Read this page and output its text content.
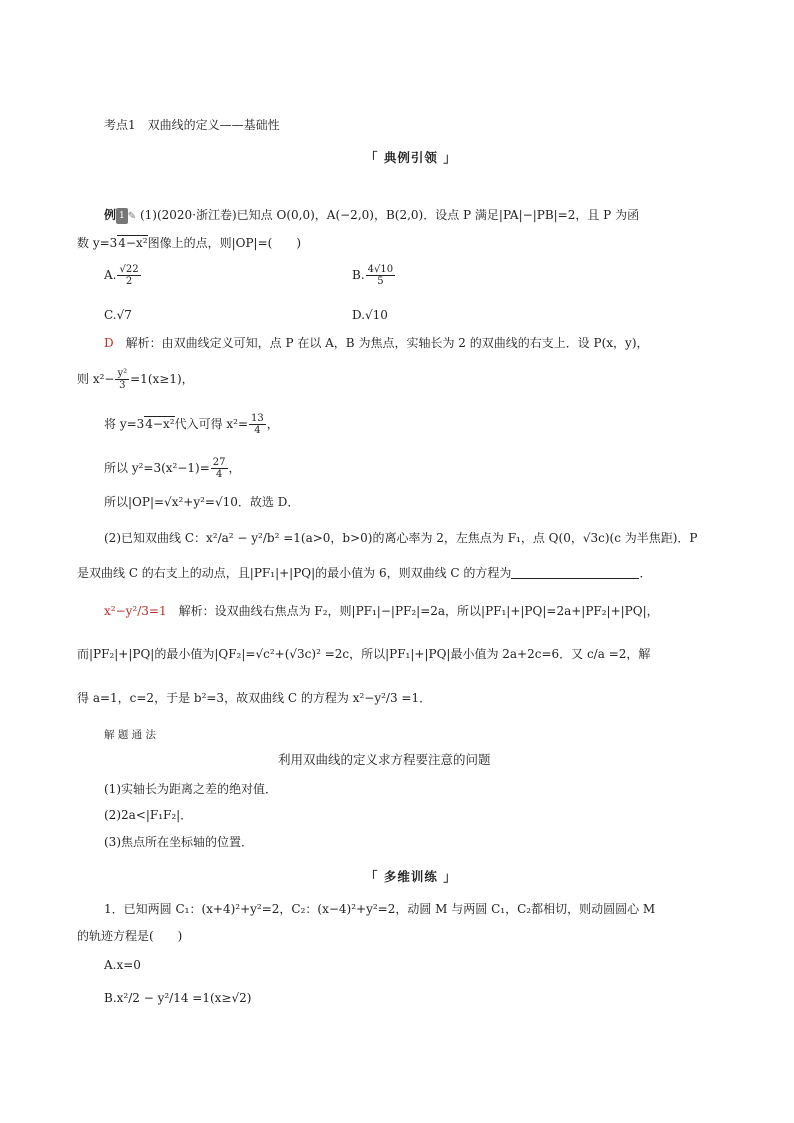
考点1　双曲线的定义——基础性
「 典例引领 」
例 1 ✎ (1)(2020·浙江卷)已知点 O(0,0)，A(−2,0)，B(2,0)．设点 P 满足|PA|−|PB|=2，且 P 为函
数 y=34−x²图像上的点，则|OP|=(　　)
A. $\frac{√22}{2}$	B. $\frac{4√10}{5}$
C.√7	D.√10
D　解析：由双曲线定义可知，点 P 在以 A，B 为焦点，实轴长为 2 的双曲线的右支上．设 P(x，y)，
则 $x^2- \frac{\text{y²}}{3} =1(x\ge 1)$，
将 y=34−x²代入可得 $x^2= \frac{13}{4}$ ，
所以 $y^2=3(x^2-1)= \frac{27}{4}$ ，
所以|OP|=√x²+y²=√10．故选 D．
(2)已知双曲线 C：x²/a² − y²/b² =1(a>0，b>0)的离心率为 2，左焦点为 F₁，点 Q(0，√3c)(c 为半焦距)．P
是双曲线 C 的右支上的动点，且|PF₁|+|PQ|的最小值为 6，则双曲线 C 的方程为	．
x²−y²/3=1　解析：设双曲线右焦点为 F₂，则|PF₁|−|PF₂|=2a，所以|PF₁|+|PQ|=2a+|PF₂|+|PQ|，
而|PF₂|+|PQ|的最小值为|QF₂|=√c²+(√3c)² =2c，所以|PF₁|+|PQ|最小值为 2a+2c=6．又 c/a =2，解
得 a=1，c=2，于是 b²=3，故双曲线 C 的方程为 x²−y²/3 =1．
解 题 通 法
利用双曲线的定义求方程要注意的问题
(1)实轴长为距离之差的绝对值．
(2)2a<|F₁F₂|．
(3)焦点所在坐标轴的位置．
「 多维训练 」
1．已知两圆 C₁：(x+4)²+y²=2，C₂：(x−4)²+y²=2，动圆 M 与两圆 C₁，C₂都相切，则动圆圆心 M
的轨迹方程是(　　)
A.x=0
B.x²/2 − y²/14 =1(x≥√2)
